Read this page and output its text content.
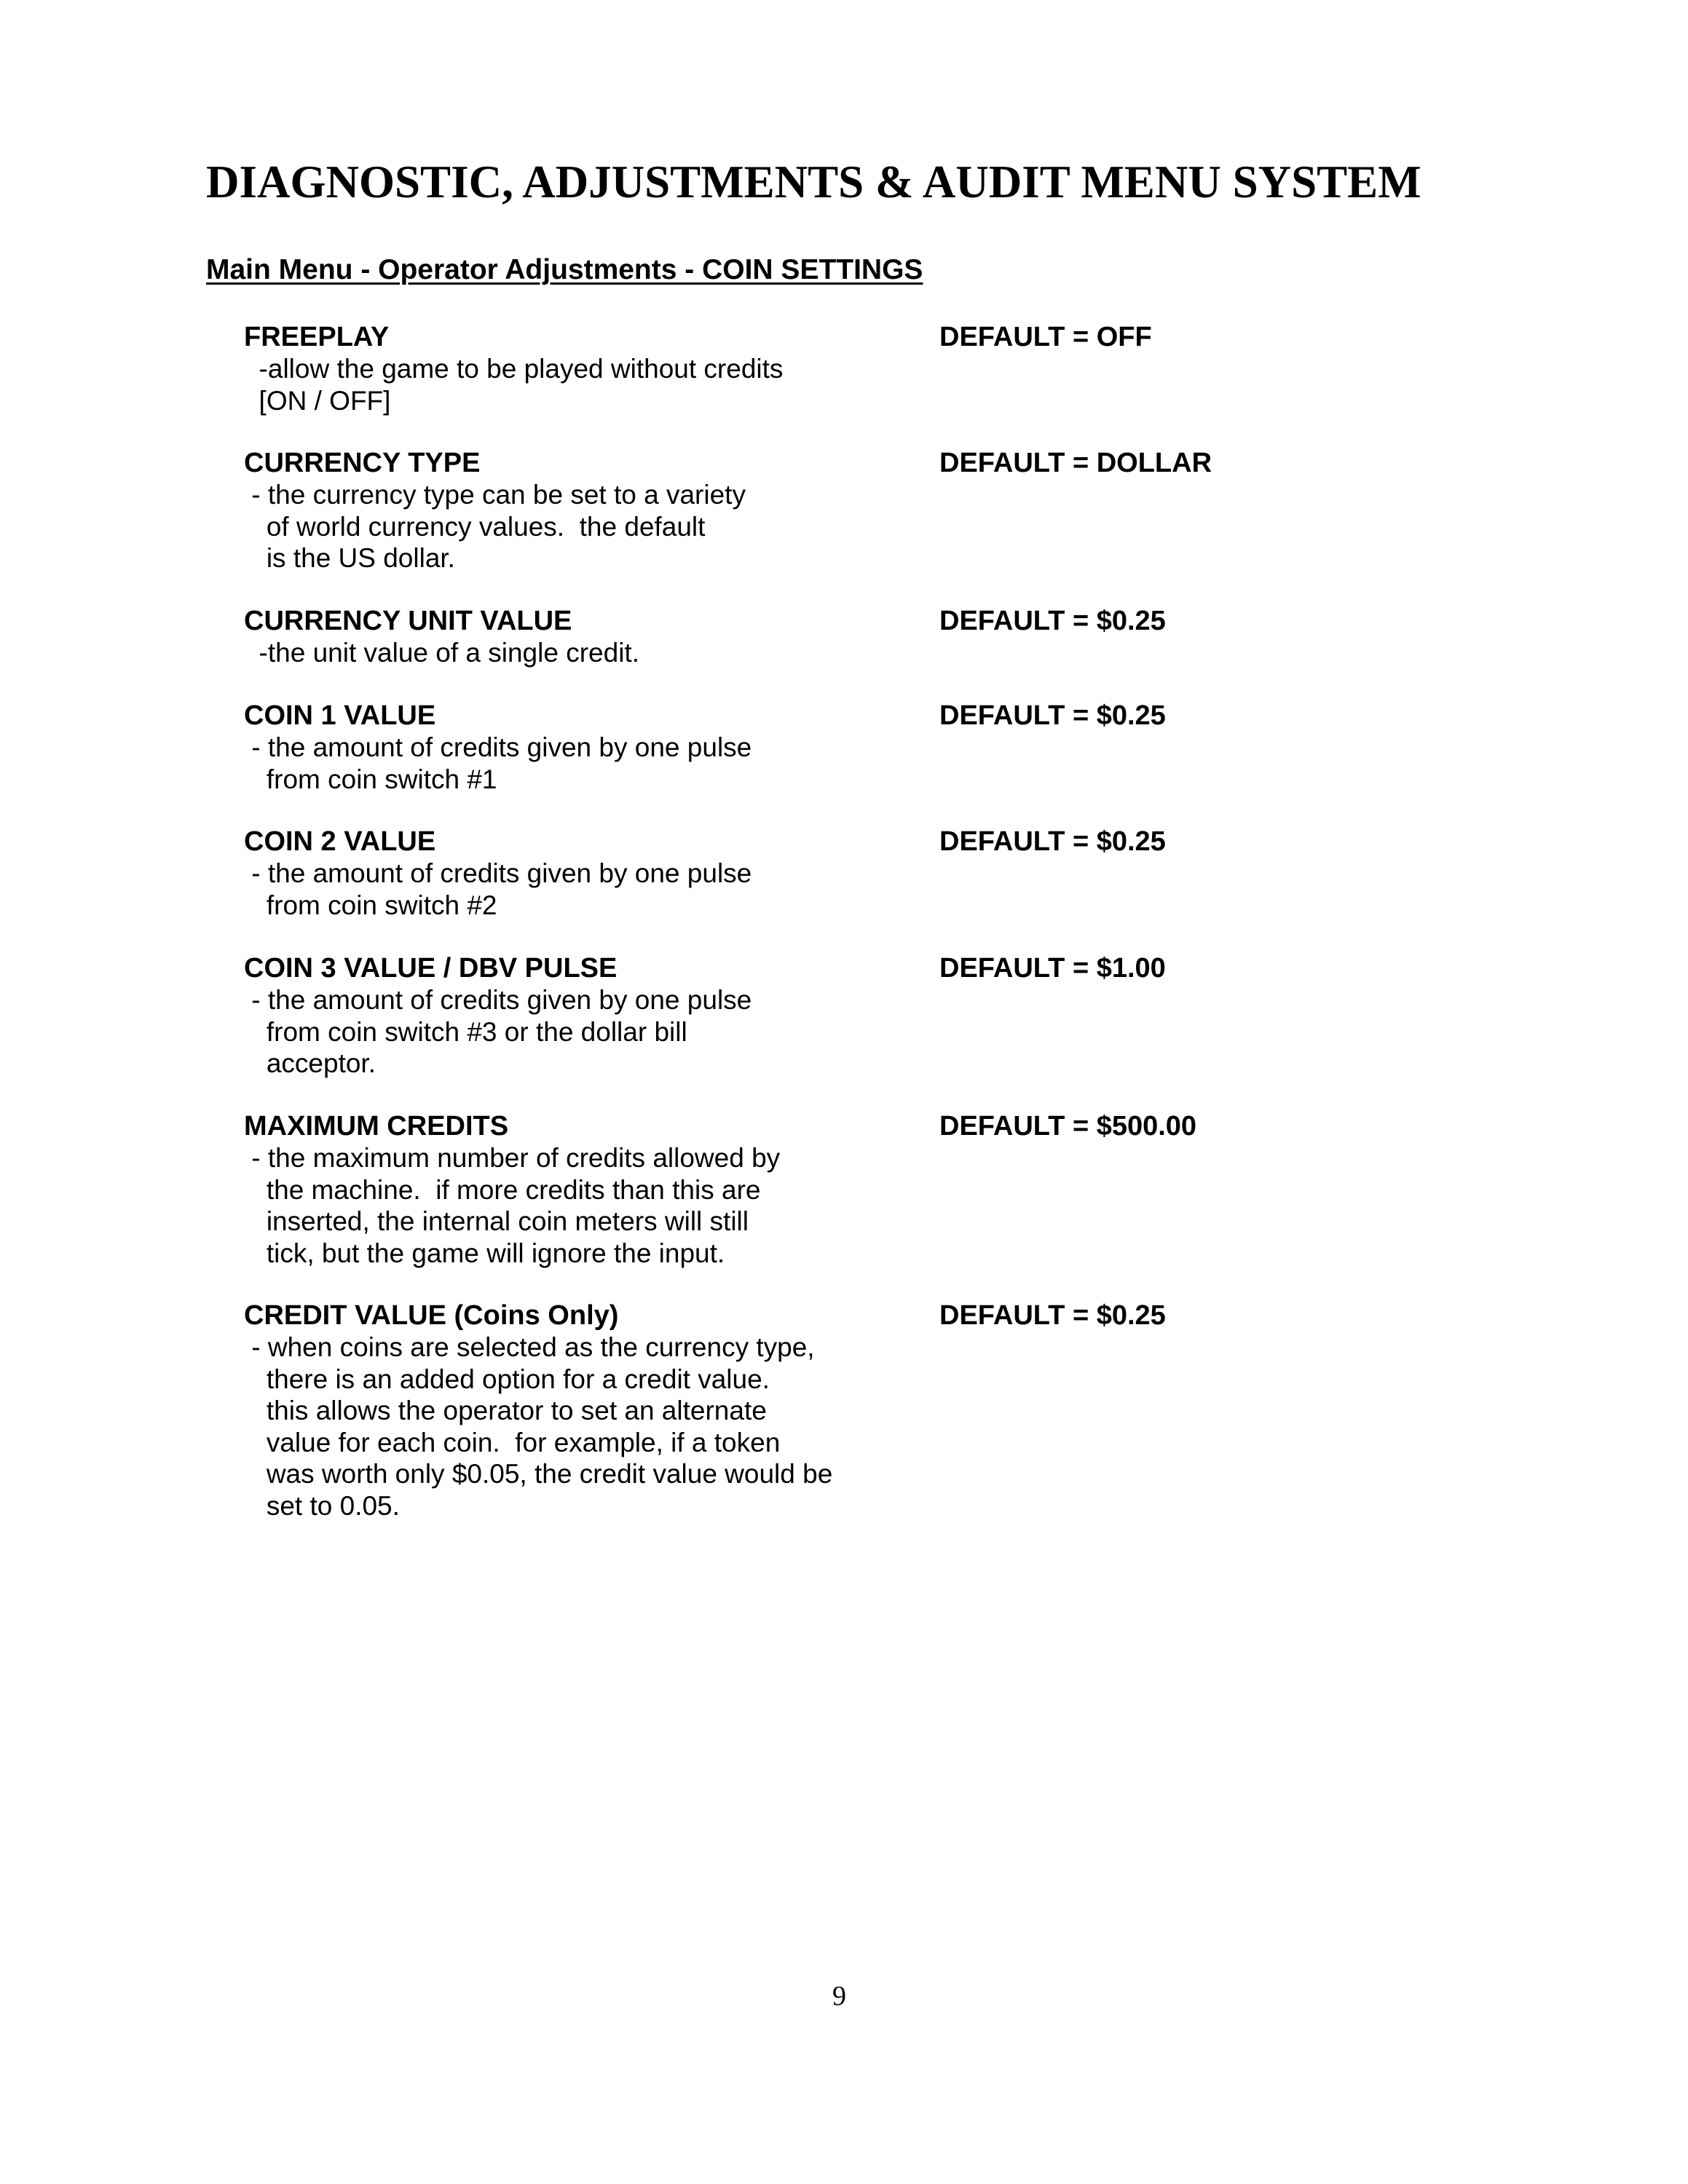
DIAGNOSTIC, ADJUSTMENTS & AUDIT MENU SYSTEM
Main Menu - Operator Adjustments - COIN SETTINGS
FREEPLAY	DEFAULT = OFF
-allow the game to be played without credits
[ON / OFF]
CURRENCY TYPE	DEFAULT = DOLLAR
- the currency type can be set to a variety
of world currency values.  the default
is the US dollar.
CURRENCY UNIT VALUE	DEFAULT = $0.25
-the unit value of a single credit.
COIN 1 VALUE	DEFAULT = $0.25
- the amount of credits given by one pulse
from coin switch #1
COIN 2 VALUE	DEFAULT = $0.25
- the amount of credits given by one pulse
from coin switch #2
COIN 3 VALUE / DBV PULSE	DEFAULT = $1.00
- the amount of credits given by one pulse
from coin switch #3 or the dollar bill
acceptor.
MAXIMUM CREDITS	DEFAULT = $500.00
- the maximum number of credits allowed by
the machine.  if more credits than this are
inserted, the internal coin meters will still
tick, but the game will ignore the input.
CREDIT VALUE (Coins Only)	DEFAULT = $0.25
- when coins are selected as the currency type,
there is an added option for a credit value.
this allows the operator to set an alternate
value for each coin.  for example, if a token
was worth only $0.05, the credit value would be
set to 0.05.
9
